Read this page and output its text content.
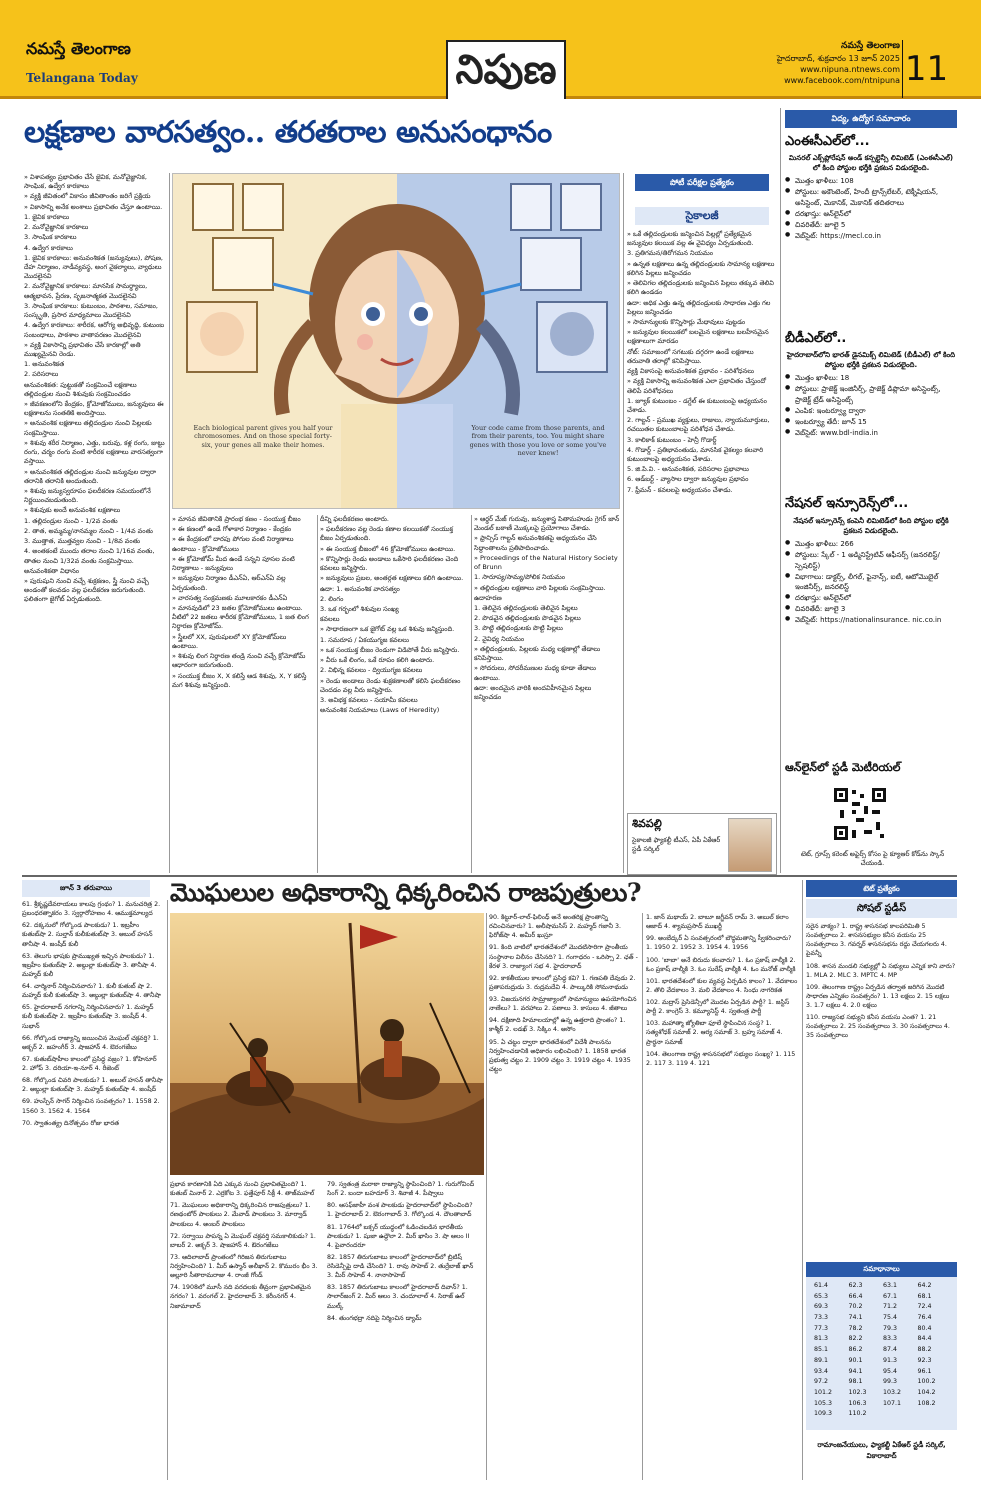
నమస్తే తెలంగాణ
Telangana Today	నిపుణ
నమస్తే తెలంగాణ
హైదరాబాద్, శుక్రవారం 13 జూన్ 2025
www.nipuna.ntnews.com
www.facebook.com/ntnipuna 11
లక్షణాల వారసత్వం.. తరతరాల అనుసంధానం
Each biological parent gives you half your chromosomes. And on those special forty-six, your genes all make their homes.
Your code came from those parents, and from their parents, too. You might share genes with those you love or some you've never knew!
పోటీ పరీక్షల ప్రత్యేకం
సైకాలజీ

» విశాపత్యం ప్రభావితం చేసే జైవిక, మనోవైజ్ఞానిక, సాంఘిక, ఉద్వేగ కారకాలు

» వ్యక్తి జీవితంలో వికాసం జీవితాంతం జరిగే ప్రక్రియ

» వికాసాన్ని అనేక అంశాలు ప్రభావితం చేస్తూ ఉంటాయి.

1. జైవిక కారకాలు

2. మనోవైజ్ఞానిక కారకాలు

3. సాంఘిక కారకాలు

4. ఉద్వేగ కారకాలు

1. జైవిక కారకాలు: అనువంశికత (జన్యువులు), పోషణ, దేహ నిర్మాణం, నాడీవ్యవస్థ, అంగ వైకల్యాలు, వ్యాధులు మొదలైనవి

2. మనోవైజ్ఞానిక కారకాలు: మానసిక సామర్థ్యాలు, ఆత్మభావన, ప్రేరణ, సృజనాత్మకత మొదలైనవి

3. సాంఘిక కారకాలు: కుటుంబం, పాఠశాల, సమాజం, సంస్కృతి, ప్రసార మాధ్యమాలు మొదలైనవి

4. ఉద్వేగ కారకాలు: శారీరక, ఆరోగ్య అభివృద్ధి, కుటుంబ సంబంధాలు, పాఠశాల వాతావరణం మొదలైనవి

» వ్యక్తి వికాసాన్ని ప్రభావితం చేసే కారకాల్లో అతి ముఖ్యమైనవి రెండు.

1. అనువంశికత

2. పరిసరాలు

అనువంశికత: పుట్టుకతో సంక్రమించే లక్షణాలు తల్లిదండ్రుల నుంచి శిశువుకు సంక్రమించడం

» జీవకణంలోని కేంద్రకం, క్రోమోజోములు, జన్యువులు ఈ లక్షణాలను సంతతికి అందిస్తాయి.

» అనువంశిక లక్షణాలు తల్లిదండ్రుల నుంచి పిల్లలకు సంక్రమిస్తాయి.

» శిశువు శరీర నిర్మాణం, ఎత్తు, బరువు, కళ్ల రంగు, జుట్టు రంగు, చర్మం రంగు వంటి శారీరక లక్షణాలు వారసత్వంగా వస్తాయి.

» అనువంశికత తల్లిదండ్రుల నుంచి జన్యువుల ద్వారా తరానికి తరానికి అందుతుంది.

» శిశువు జన్యుస్వరూపం ఫలదీకరణ సమయంలోనే నిర్ణయించబడుతుంది.

» శిశువుకు అందే అనువంశిక లక్షణాలు

1. తల్లిదండ్రుల నుంచి - 1/2వ వంతు

2. తాత, అమ్మమ్మ/నానమ్మల నుంచి - 1/4వ వంతు

3. ముత్తాత, ముత్తవ్వల నుంచి - 1/8వ వంతు

4. అంతకంటే ముందు తరాల నుంచి 1/16వ వంతు, తాతల నుంచి 1/32వ వంతు సంక్రమిస్తాయి.

అనువంశికతా విధానం

» పురుషుని నుంచి వచ్చే శుక్రకణం, స్త్రీ నుంచి వచ్చే అండంతో కలవడం వల్ల ఫలదీకరణ జరుగుతుంది. ఫలితంగా జైగోట్ ఏర్పడుతుంది.

» మానవ జీవితానికి ప్రారంభ కణం - సంయుక్త బీజం

» ఈ కణంలో ఉండే గోళాకార నిర్మాణం - కేంద్రకం

» ఈ కేంద్రకంలో దారపు పోగుల వంటి నిర్మాణాలు ఉంటాయి - క్రోమోజోములు

» ఈ క్రోమోజోమ్ మీద ఉండే సన్నని పూసల వంటి నిర్మాణాలు - జన్యువులు

» జన్యువుల నిర్మాణం డీఎన్ఏ, ఆర్ఎన్ఏ వల్ల ఏర్పడుతుంది.

» వారసత్వ సంక్రమణకు మూలకారకం డీఎన్ఏ

» మానవుడిలో 23 జతల క్రోమోజోములు ఉంటాయి. వీటిలో 22 జతలు శారీరక క్రోమోజోములు, 1 జత లింగ నిర్ధారణ క్రోమోజోమ్.

» స్త్రీలలో XX, పురుషులలో XY క్రోమోజోమ్‌లు ఉంటాయి.

» శిశువు లింగ నిర్ధారణ తండ్రి నుంచి వచ్చే క్రోమోజోమ్ ఆధారంగా జరుగుతుంది.

» సంయుక్త బీజం X, X కలిస్తే ఆడ శిశువు, X, Y కలిస్తే మగ శిశువు జన్మిస్తుంది.

దీన్ని ఫలదీకరణం అంటారు.

» ఫలదీకరణం వల్ల రెండు కణాల కలయికతో సంయుక్త బీజం ఏర్పడుతుంది.

» ఈ సంయుక్త బీజంలో 46 క్రోమోజోములు ఉంటాయి.

» కొన్నిసార్లు రెండు అండాలు ఒకేసారి ఫలదీకరణం చెంది కవలలు జన్మిస్తారు.

» జన్యువులు ప్రబల, అంతర్గత లక్షణాలు కలిగి ఉంటాయి.

ఉదా: 1. అనువంశిక వారసత్వం

2. లింగం

3. ఒక గర్భంలో శిశువుల సంఖ్య

కవలలు

» సాధారణంగా ఒక జైగోట్ వల్ల ఒక శిశువు జన్మిస్తుంది.

1. సమరూప / ఏకయుగ్మజ కవలలు

» ఒక సంయుక్త బీజం రెండుగా విడిపోతే వీరు జన్మిస్తారు.

» వీరు ఒకే లింగం, ఒకే రూపం కలిగి ఉంటారు.

2. విభిన్న కవలలు - ద్వియుగ్మజ కవలలు

» రెండు అండాలు రెండు శుక్రకణాలతో కలిసి ఫలదీకరణం చెందడం వల్ల వీరు జన్మిస్తారు.

3. అవిభక్త కవలలు - సయామీ కవలలు

అనువంశిక నియమాలు (Laws of Heredity)

» ఆర్థర్ మేజ్ గురువు, జన్యుశాస్త్ర పితామహుడు గ్రెగర్ జాన్ మెండల్ బఠాణీ మొక్కలపై ప్రయోగాలు చేశాడు.

» ఫ్రాన్సిస్ గాల్టన్ అనువంశికతపై అధ్యయనం చేసి సిద్ధాంతాలను ప్రతిపాదించాడు.

» Proceedings of the Natural History Society of Brunn

1. సారూప్య/సామ్య/పోలిక నియమం

» తల్లిదండ్రుల లక్షణాలు వారి పిల్లలకు సంక్రమిస్తాయి.

ఉదాహరణ

1. తెలివైన తల్లిదండ్రులకు తెలివైన పిల్లలు

2. పొడవైన తల్లిదండ్రులకు పొడవైన పిల్లలు

3. పొట్టి తల్లిదండ్రులకు పొట్టి పిల్లలు

2. వైవిధ్య నియమం

» తల్లిదండ్రులకు, పిల్లలకు మధ్య లక్షణాల్లో తేడాలు కనిపిస్తాయి.

» సోదరులు, సోదరీమణుల మధ్య కూడా తేడాలు ఉంటాయి.

ఉదా: అందమైన వారికి అందవిహీనమైన పిల్లలు జన్మించడం

» ఒకే తల్లిదండ్రులకు జన్మించిన పిల్లల్లో ప్రత్యేకమైన జన్యువుల కలయిక వల్ల ఈ వైవిధ్యం ఏర్పడుతుంది.

3. ప్రతిగమన/తిరోగమన నియమం

» ఉన్నత లక్షణాలు ఉన్న తల్లిదండ్రులకు సామాన్య లక్షణాలు కలిగిన పిల్లలు జన్మించడం

» తెలివిగల తల్లిదండ్రులకు జన్మించిన పిల్లలు తక్కువ తెలివి కలిగి ఉండడం

ఉదా: అధిక ఎత్తు ఉన్న తల్లిదండ్రులకు సాధారణ ఎత్తు గల పిల్లలు జన్మించడం

» సామాన్యులకు కొన్నిసార్లు మేధావులు పుట్టడం

» జన్యువుల కలయికలో బలమైన లక్షణాలు బలహీనమైన లక్షణాలుగా మారడం

నోట్: సమాజంలో సగటుకు దగ్గరగా ఉండే లక్షణాలు తరువాతి తరాల్లో కనిపిస్తాయి.

వ్యక్తి వికాసంపై అనువంశికత ప్రభావం - పరిశోధనలు

» వ్యక్తి వికాసాన్ని అనువంశికత ఎలా ప్రభావితం చేస్తుందో తెలిపే పరిశోధనలు

1. జ్యూక్ కుటుంబం - డగ్డేల్ ఈ కుటుంబంపై అధ్యయనం చేశాడు.

2. గాల్టన్ - ప్రముఖ వ్యక్తులు, రాజులు, న్యాయమూర్తులు, రచయితల కుటుంబాలపై పరిశోధన చేశాడు.

3. కాలికాక్ కుటుంబం - హెన్రీ గొడార్డ్

4. గొడార్డ్ - ప్రతిభావంతుడు, మానసిక వైకల్యం కలవారి కుటుంబాలపై అధ్యయనం చేశాడు.

5. జి.పి.వి. - అనువంశికత, పరిసరాల ప్రభావాలు

6. ఆడ్‌బర్ట్ - వ్యాసాల ద్వారా జన్యువుల ప్రభావం

7. ఫ్రీమన్ - కవలలపై అధ్యయనం చేశాడు.

శివపల్లి
సైకాలజీ ఫ్యాకల్టీ టీఎస్, ఏపీ ఏకేఆర్ స్టడీ సర్కిల్
విద్య, ఉద్యోగ సమాచారం
ఎంఈసీఎల్‌లో...

మినరల్ ఎక్స్‌ప్లోరేషన్ అండ్ కన్సల్టెన్సీ లిమిటెడ్ (ఎంఈసీఎల్) లో కింది పోస్టుల భర్తీకి ప్రకటన విడుదలైంది.

● మొత్తం ఖాళీలు: 108
● పోస్టులు: అకౌంటెంట్, హిందీ ట్రాన్స్‌లేటర్, టెక్నీషియన్, అసిస్టెంట్, మెకానిక్, మెకానిక్ తదితరాలు
● దరఖాస్తు: ఆన్‌లైన్‌లో
● చివరితేదీ: జూలై 5
● వెబ్‌సైట్: https://mecl.co.in
బీడీఎల్‌లో..

హైదరాబాద్‌లోని భారత్ డైనమిక్స్ లిమిటెడ్ (బీడీఎల్) లో కింది పోస్టుల భర్తీకి ప్రకటన విడుదలైంది.

● మొత్తం ఖాళీలు: 18
● పోస్టులు: ప్రాజెక్ట్ ఇంజినీర్స్, ప్రాజెక్ట్ డిప్లొమా అసిస్టెంట్స్, ప్రాజెక్ట్ ట్రేడ్ అసిస్టెంట్స్
● ఎంపిక: ఇంటర్వ్యూ ద్వారా
● ఇంటర్వ్యూ తేదీ: జూన్ 15
● వెబ్‌సైట్: www.bdl-india.in
నేషనల్ ఇన్సూరెన్స్‌లో...

నేషనల్ ఇన్సూరెన్స్ కంపెనీ లిమిటెడ్‌లో కింది పోస్టుల భర్తీకి ప్రకటన విడుదలైంది.

● మొత్తం ఖాళీలు: 266
● పోస్టులు: స్కేల్ - 1 అడ్మినిస్ట్రేటివ్ ఆఫీసర్స్ (జనరలిస్ట్/స్పెషలిస్ట్)
● విభాగాలు: డాక్టర్స్, లీగల్, ఫైనాన్స్, ఐటీ, ఆటోమొబైల్ ఇంజినీర్స్, జనరలిస్ట్
● దరఖాస్తు: ఆన్‌లైన్‌లో
● చివరితేదీ: జూలై 3
● వెబ్‌సైట్: https://nationalinsurance. nic.co.in
ఆన్‌లైన్‌లో స్టడీ మెటీరియల్
టెట్, గ్రూప్స్ కరెంట్ అఫైర్స్ కోసం పై క్యూఆర్ కోడ్‌ను స్కాన్ చేయండి.
జూన్ 3 తరువాయి	మొఘలుల అధికారాన్ని ధిక్కరించిన రాజపుత్రులు?	టెట్ ప్రత్యేకం
సోషల్ స్టడీస్

61. శ్రీకృష్ణదేవరాయలు కాలపు గ్రంథం? 1. మనుచరిత్ర 2. ప్రబంధరత్నాకరం 3. స్వర్గారోహణం 4. ఆముక్తమాల్యద

62. దక్కనులో గోల్కొండ పాలకుడు? 1. ఇబ్రహీం కుతుబ్‌షా 2. సుల్తాన్ కులీకుతుబ్‌షా 3. అబుల్ హసన్ తానీషా 4. జంషీద్ కులీ

63. తెలుగు భాషకు ప్రాముఖ్యత ఇచ్చిన పాలకుడు? 1. ఇబ్రహీం కుతుబ్‌షా 2. అబ్దుల్లా కుతుబ్‌షా 3. తానీషా 4. మహ్మద్ కులీ

64. చార్మినార్ నిర్మించినవారు? 1. కులీ కుతుబ్ షా 2. మహ్మద్ కులీ కుతుబ్‌షా 3. అబ్దుల్లా కుతుబ్‌షా 4. తానీషా

65. హైదరాబాద్ నగరాన్ని నిర్మించినవారు? 1. మహ్మద్ కులీ కుతుబ్‌షా 2. ఇబ్రహీం కుతుబ్‌షా 3. జంషీద్ 4. సుభాన్

66. గోల్కొండ రాజ్యాన్ని జయించిన మొఘల్ చక్రవర్తి? 1. అక్బర్ 2. జహంగీర్ 3. షాజహాన్ 4. ఔరంగజేబు

67. కుతుబ్‌షాహీల కాలంలో ప్రసిద్ధ వజ్రం? 1. కోహినూర్ 2. హోప్ 3. దరియా-ఇ-నూర్ 4. రీజెంట్

68. గోల్కొండ చివరి పాలకుడు? 1. అబుల్ హసన్ తానీషా 2. అబ్దుల్లా కుతుబ్‌షా 3. మహ్మద్ కుతుబ్‌షా 4. జంషీద్

69. హుస్సేన్ సాగర్ నిర్మించిన సంవత్సరం? 1. 1558 2. 1560 3. 1562 4. 1564

70. స్వాతంత్య్ర దినోత్సవం రోజు భారత

ప్రభావ కారణానికి ఏది ఎక్కువ నుంచి ప్రభావితమైంది? 1. కుతుబ్ మినార్ 2. ఎర్రకోట 3. ఫత్తేపూర్ సిక్రీ 4. తాజ్‌మహల్

71. మొఘలుల అధికారాన్ని ధిక్కరించిన రాజపుత్రులు? 1. రణథంబోర్ పాలకులు 2. మేవాడ్ పాలకులు 3. మార్వాడ్ పాలకులు 4. అంబర్ పాలకులు

72. సర్వాయి పాపన్న ఏ మొఘల్ చక్రవర్తి సమకాలికుడు? 1. బాబర్ 2. అక్బర్ 3. షాజహాన్ 4. ఔరంగజేబు

73. ఆదిలాబాద్ ప్రాంతంలో గిరిజన తిరుగుబాటు నిర్వహించింది? 1. మీర్ ఉస్మాన్ అలీఖాన్ 2. కొమురం భీం 3. అల్లూరి సీతారామరాజు 4. రాంజీ గోండ్

74. 1908లో మూసీ నది వరదలకు తీవ్రంగా ప్రభావితమైన నగరం? 1. వరంగల్ 2. హైదరాబాద్ 3. కరీంనగర్ 4. నిజామాబాద్

79. స్వతంత్ర మరాఠా రాజ్యాన్ని స్థాపించింది? 1. గురుగోవింద్ సింగ్ 2. బందా బహదూర్ 3. శివాజీ 4. పీష్వాలు

80. ఆసఫ్‌జాహీ వంశ పాలకుడు హైదరాబాద్‌లో స్థాపించింది? 1. హైదరాబాద్ 2. ఔరంగాబాద్ 3. గోల్కొండ 4. దౌలతాబాద్

81. 1764లో బక్సర్ యుద్ధంలో ఓడించబడిన భారతీయ పాలకుడు? 1. షుజా ఉద్దౌలా 2. మీర్ ఖాసిం 3. షా ఆలం II 4. పైవారందరూ

82. 1857 తిరుగుబాటు కాలంలో హైదరాబాద్‌లో బ్రిటిష్ రెసిడెన్సీపై దాడి చేసింది? 1. రావు సాహెబ్ 2. తుర్రేబాజ్ ఖాన్ 3. మీర్ సాహెబ్ 4. నానాసాహెబ్

83. 1857 తిరుగుబాటు కాలంలో హైదరాబాద్ దివాన్? 1. సాలార్‌జంగ్ 2. మీర్ ఆలం 3. చందూలాల్ 4. సిరాజ్ ఉల్ ముల్క్

84. తుంగభద్రా నదిపై నిర్మించిన డ్యామ్

90. కిట్టూర్-లాల్-ఫిలింధ్ అనే అంతరిక్ష ప్రాంతాన్ని రచించినవారు? 1. అలీషామసిస్ 2. మహ్మద్ గజానీ 3. ఫిరోజ్‌షా 4. అమీర్ ఖుస్రూ

91. కింది వాటిలో భారతదేశంలో మొదటిసారిగా ప్రాంతీయ సంస్థానాల విలీనం చేసినది? 1. గంగాధరం - ఒరిస్సా 2. ఛత్ - కేరళ 3. రాజ్యాంగ సభ 4. హైదరాబాద్

92. కాకతీయుల కాలంలో ప్రసిద్ధ కవి? 1. గణపతి దేవుడు 2. ప్రతాపరుద్రుడు 3. రుద్రమదేవి 4. పాల్కురికి సోమనాథుడు

93. విజయనగర సామ్రాజ్యాంలో సామాన్యులు ఉపయోగించిన నాణేలు? 1. వరహాలు 2. పణాలు 3. కాసులు 4. జీతాలు

94. దక్షిణాది హిమాలయాల్లో ఉన్న ఉత్తరాది ప్రాంతం? 1. కాశ్మీర్ 2. లడఖ్ 3. సిక్కిం 4. అసోం

95. ఏ చట్టం ద్వారా భారతదేశంలో విదేశీ పాలనను నిర్వహించడానికి అధికారం లభించింది? 1. 1858 భారత ప్రభుత్వ చట్టం 2. 1909 చట్టం 3. 1919 చట్టం 4. 1935 చట్టం

1. జాన్ మథాయ్ 2. బాబూ జగ్జీవన్ రామ్ 3. అబుల్ కలాం ఆజాద్ 4. శ్యామప్రసాద్ ముఖర్జీ

99. అంబేద్కర్ ఏ సంవత్సరంలో బౌద్ధమతాన్ని స్వీకరించారు? 1. 1950 2. 1952 3. 1954 4. 1956

100. 'బాబా' అనే బిరుదు కలవారు? 1. ఓం ప్రకాష్ వాల్మీకి 2. ఓం ప్రకాష్ వాల్మీకి 3. ఓం సురేష్ వాల్మీకి 4. ఓం మనోజ్ వాల్మీకి

101. భారతదేశంలో కుల వ్యవస్థ ఏర్పడిన కాలం? 1. వేదకాలం 2. తొలి వేదకాలం 3. మలి వేదకాలం 4. సింధు నాగరికత

102. మద్రాస్ ప్రెసిడెన్సీలో మొదట ఏర్పడిన పార్టీ? 1. జస్టిస్ పార్టీ 2. కాంగ్రెస్ 3. కమ్యూనిస్ట్ 4. స్వతంత్ర పార్టీ

103. మహాత్మా జ్యోతిబా ఫూలే స్థాపించిన సంస్థ? 1. సత్యశోధక్ సమాజ్ 2. ఆర్య సమాజ్ 3. బ్రహ్మ సమాజ్ 4. ప్రార్థనా సమాజ్

104. తెలంగాణ రాష్ట్ర శాసనసభలో సభ్యుల సంఖ్య? 1. 115 2. 117 3. 119 4. 121

సరైన వాక్యం? 1. రాష్ట్ర శాసనసభ కాలపరిమితి 5 సంవత్సరాలు 2. శాసనసభ్యుల కనీస వయసు 25 సంవత్సరాలు 3. గవర్నర్ శాసనసభను రద్దు చేయగలరు 4. పైవన్నీ

108. శాసన మండలి సభ్యుల్లో ఏ సభ్యులు ఎన్నిక కాని వారు? 1. MLA 2. MLC 3. MPTC 4. MP

109. తెలంగాణ రాష్ట్రం ఏర్పడిన తర్వాత జరిగిన మొదటి సాధారణ ఎన్నికల సంవత్సరం? 1. 13 లక్షలు 2. 15 లక్షలు 3. 1.7 లక్షలు 4. 2.0 లక్షలు

110. రాజ్యసభ సభ్యుని కనీస వయసు ఎంత? 1. 21 సంవత్సరాలు 2. 25 సంవత్సరాలు 3. 30 సంవత్సరాలు 4. 35 సంవత్సరాలు

సమాధానాలు
61.4	62.3	63.1	64.2
65.3	66.4	67.1	68.1
69.3	70.2	71.2	72.4
73.3	74.1	75.4	76.4
77.3	78.2	79.3	80.4
81.3	82.2	83.3	84.4
85.1	86.2	87.4	88.2
89.1	90.1	91.3	92.3
93.4	94.1	95.4	96.1
97.2	98.1	99.3	100.2
101.2	102.3	103.2	104.2
105.3	106.3	107.1	108.2
109.3	110.2
రామాంజనేయులు, ఫ్యాకల్టీ ఏకేఆర్ స్టడీ సర్కిల్, వికారాబాద్
